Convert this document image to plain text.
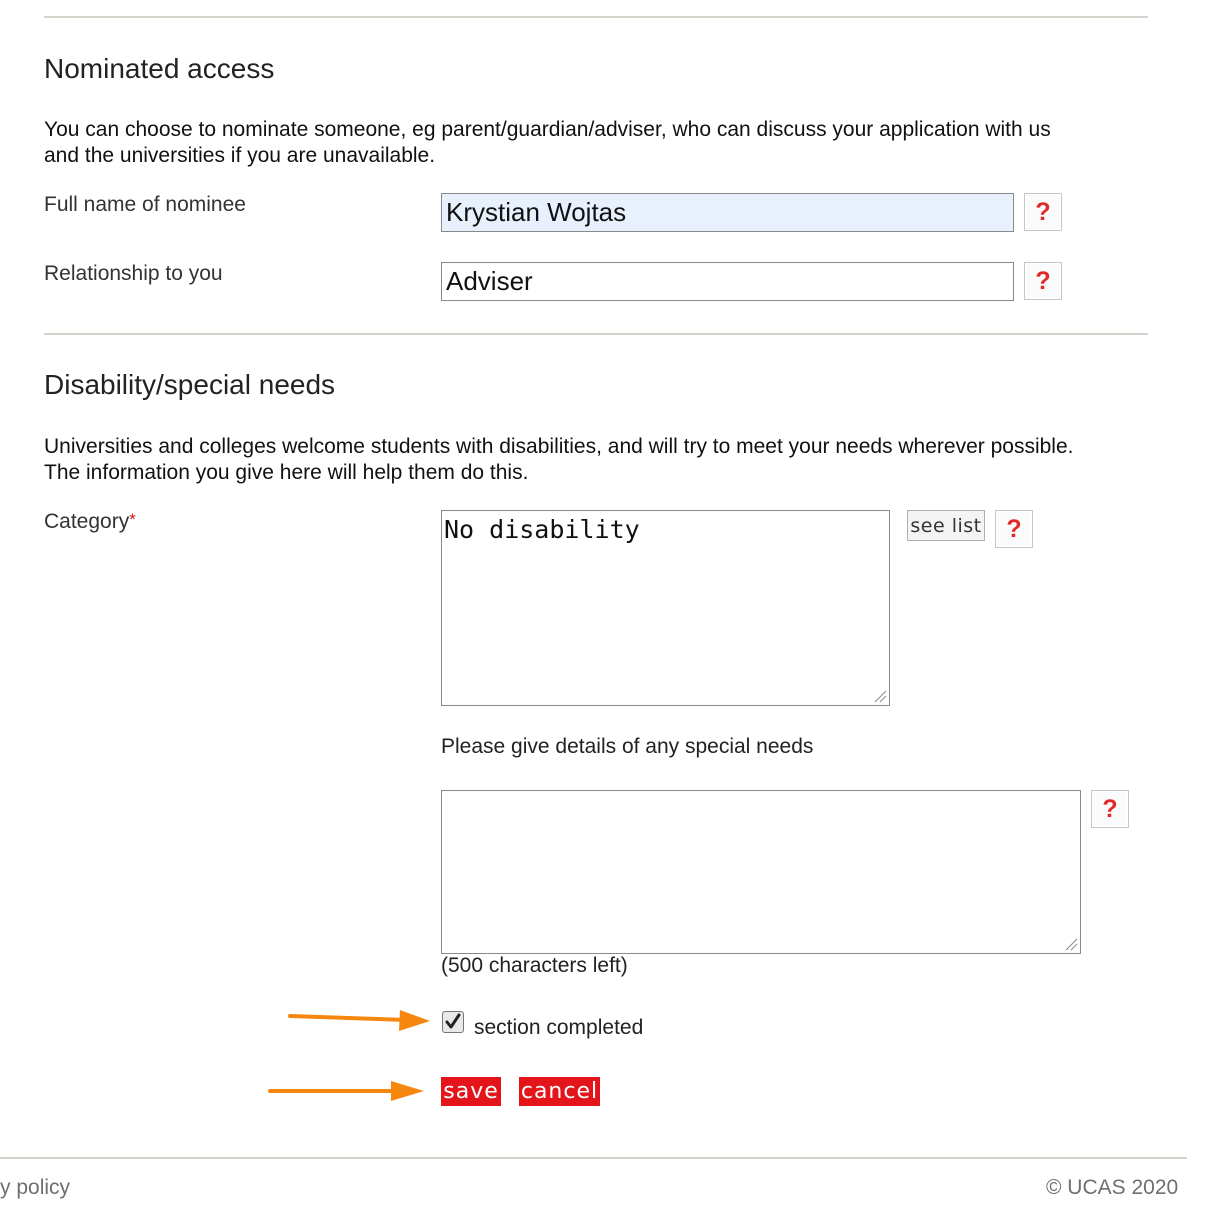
Nominated access

You can choose to nominate someone, eg parent/guardian/adviser, who can discuss your application with us

and the universities if you are unavailable.

Full name of nominee
Krystian Wojtas	?
Relationship to you
Adviser	?
Disability/special needs

Universities and colleges welcome students with disabilities, and will try to meet your needs wherever possible.

The information you give here will help them do this.

Category*
No disability	see list ?
Please give details of any special needs
?
(500 characters left)
section completed
save cancel
y policy	© UCAS 2020
